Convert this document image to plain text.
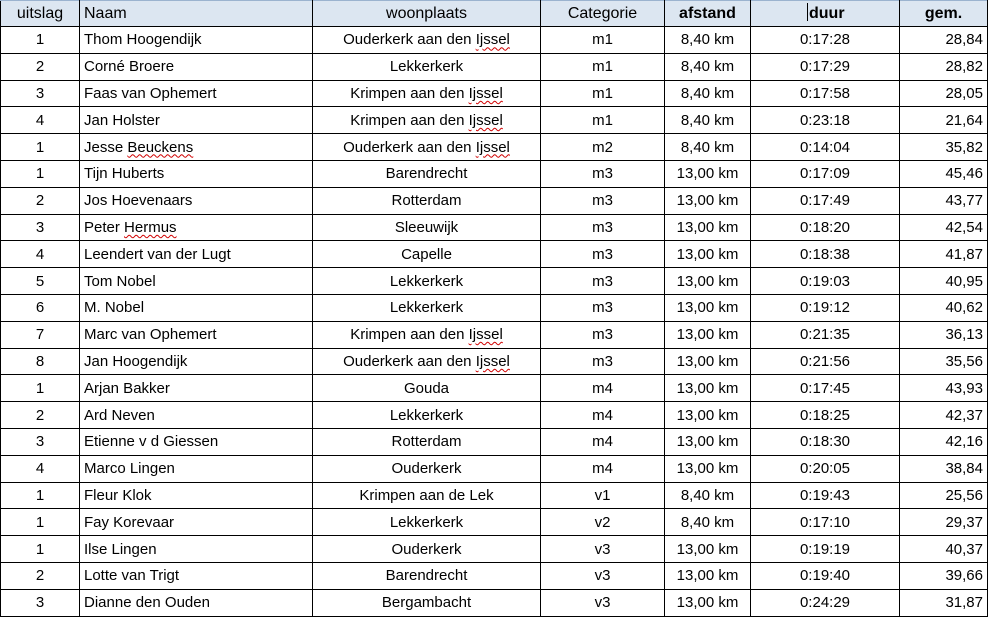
uitslag	Naam	woonplaats	Categorie	afstand	duur	gem.
1	Thom Hoogendijk	Ouderkerk aan den Ijssel	m1	8,40 km	0:17:28	28,84
2	Corné Broere	Lekkerkerk	m1	8,40 km	0:17:29	28,82
3	Faas van Ophemert	Krimpen aan den Ijssel	m1	8,40 km	0:17:58	28,05
4	Jan Holster	Krimpen aan den Ijssel	m1	8,40 km	0:23:18	21,64
1	Jesse Beuckens	Ouderkerk aan den Ijssel	m2	8,40 km	0:14:04	35,82
1	Tijn Huberts	Barendrecht	m3	13,00 km	0:17:09	45,46
2	Jos Hoevenaars	Rotterdam	m3	13,00 km	0:17:49	43,77
3	Peter Hermus	Sleeuwijk	m3	13,00 km	0:18:20	42,54
4	Leendert van der Lugt	Capelle	m3	13,00 km	0:18:38	41,87
5	Tom Nobel	Lekkerkerk	m3	13,00 km	0:19:03	40,95
6	M. Nobel	Lekkerkerk	m3	13,00 km	0:19:12	40,62
7	Marc van Ophemert	Krimpen aan den Ijssel	m3	13,00 km	0:21:35	36,13
8	Jan Hoogendijk	Ouderkerk aan den Ijssel	m3	13,00 km	0:21:56	35,56
1	Arjan Bakker	Gouda	m4	13,00 km	0:17:45	43,93
2	Ard Neven	Lekkerkerk	m4	13,00 km	0:18:25	42,37
3	Etienne v d Giessen	Rotterdam	m4	13,00 km	0:18:30	42,16
4	Marco Lingen	Ouderkerk	m4	13,00 km	0:20:05	38,84
1	Fleur Klok	Krimpen aan de Lek	v1	8,40 km	0:19:43	25,56
1	Fay Korevaar	Lekkerkerk	v2	8,40 km	0:17:10	29,37
1	Ilse Lingen	Ouderkerk	v3	13,00 km	0:19:19	40,37
2	Lotte van Trigt	Barendrecht	v3	13,00 km	0:19:40	39,66
3	Dianne den Ouden	Bergambacht	v3	13,00 km	0:24:29	31,87
